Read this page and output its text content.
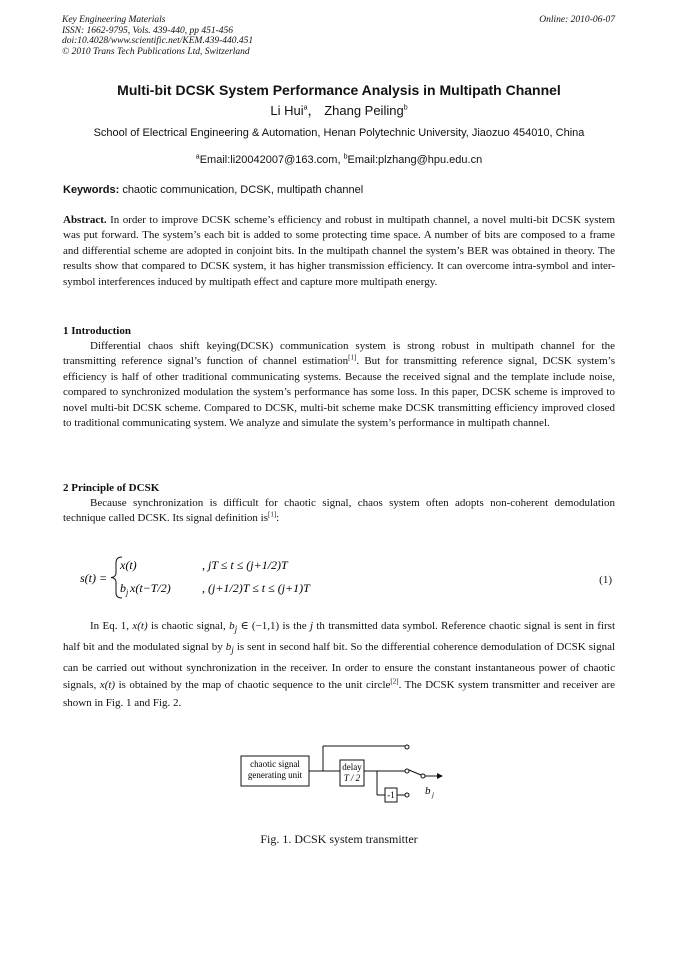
Key Engineering Materials
ISSN: 1662-9795, Vols. 439-440, pp 451-456
doi:10.4028/www.scientific.net/KEM.439-440.451
© 2010 Trans Tech Publications Ltd, Switzerland
Online: 2010-06-07
Multi-bit DCSK System Performance Analysis in Multipath Channel
Li Hui$^a$， Zhang Peiling$^b$
School of Electrical Engineering & Automation, Henan Polytechnic University, Jiaozuo 454010, China
$^a$Email:li20042007@163.com, $^b$Email:plzhang@hpu.edu.cn
Keywords: chaotic communication, DCSK, multipath channel
Abstract. In order to improve DCSK scheme’s efficiency and robust in multipath channel, a novel multi-bit DCSK system was put forward. The system’s each bit is added to some protecting time space. A number of bits are composed to a frame and differential scheme are adopted in conjoint bits. In the multipath channel the system’s BER was obtained in theory. The results show that compared to DCSK system, it has higher transmission efficiency. It can overcome intra-symbol and inter-symbol interferences induced by multipath effect and capture more multipath energy.
1 Introduction
Differential chaos shift keying(DCSK) communication system is strong robust in multipath channel for the transmitting reference signal’s function of channel estimation[1]. But for transmitting reference signal, DCSK system’s efficiency is half of other traditional communicating systems. Because the received signal and the template include noise, compared to synchronized modulation the system’s performance has some loss. In this paper, DCSK scheme is improved to novel multi-bit DCSK scheme. Compared to DCSK, multi-bit scheme make DCSK transmitting efficiency improved closed to traditional communicating system. We analyze and simulate the system’s performance in multipath channel.
2 Principle of DCSK
Because synchronization is difficult for chaotic signal, chaos system often adopts non-coherent demodulation technique called DCSK. Its signal definition is[1]:
s(t) =
x(t)	, jT ≤ t ≤ (j+1/2)T
b j x(t−T/2)	, (j+1/2)T ≤ t ≤ (j+1)T
(1)
In Eq. 1, x(t) is chaotic signal, $b_j$ ∈ (−1,1) is the j th transmitted data symbol. Reference chaotic signal is sent in first half bit and the modulated signal by $b_j$ is sent in second half bit. So the differential coherence demodulation of DCSK signal can be carried out without synchronization in the receiver. In order to ensure the constant instantaneous power of chaotic signals, x(t) is obtained by the map of chaotic sequence to the unit circle[2]. The DCSK system transmitter and receiver are shown in Fig. 1 and Fig. 2.
chaotic signal
generating unit
delay
T / 2
-1	b j
Fig. 1. DCSK system transmitter
